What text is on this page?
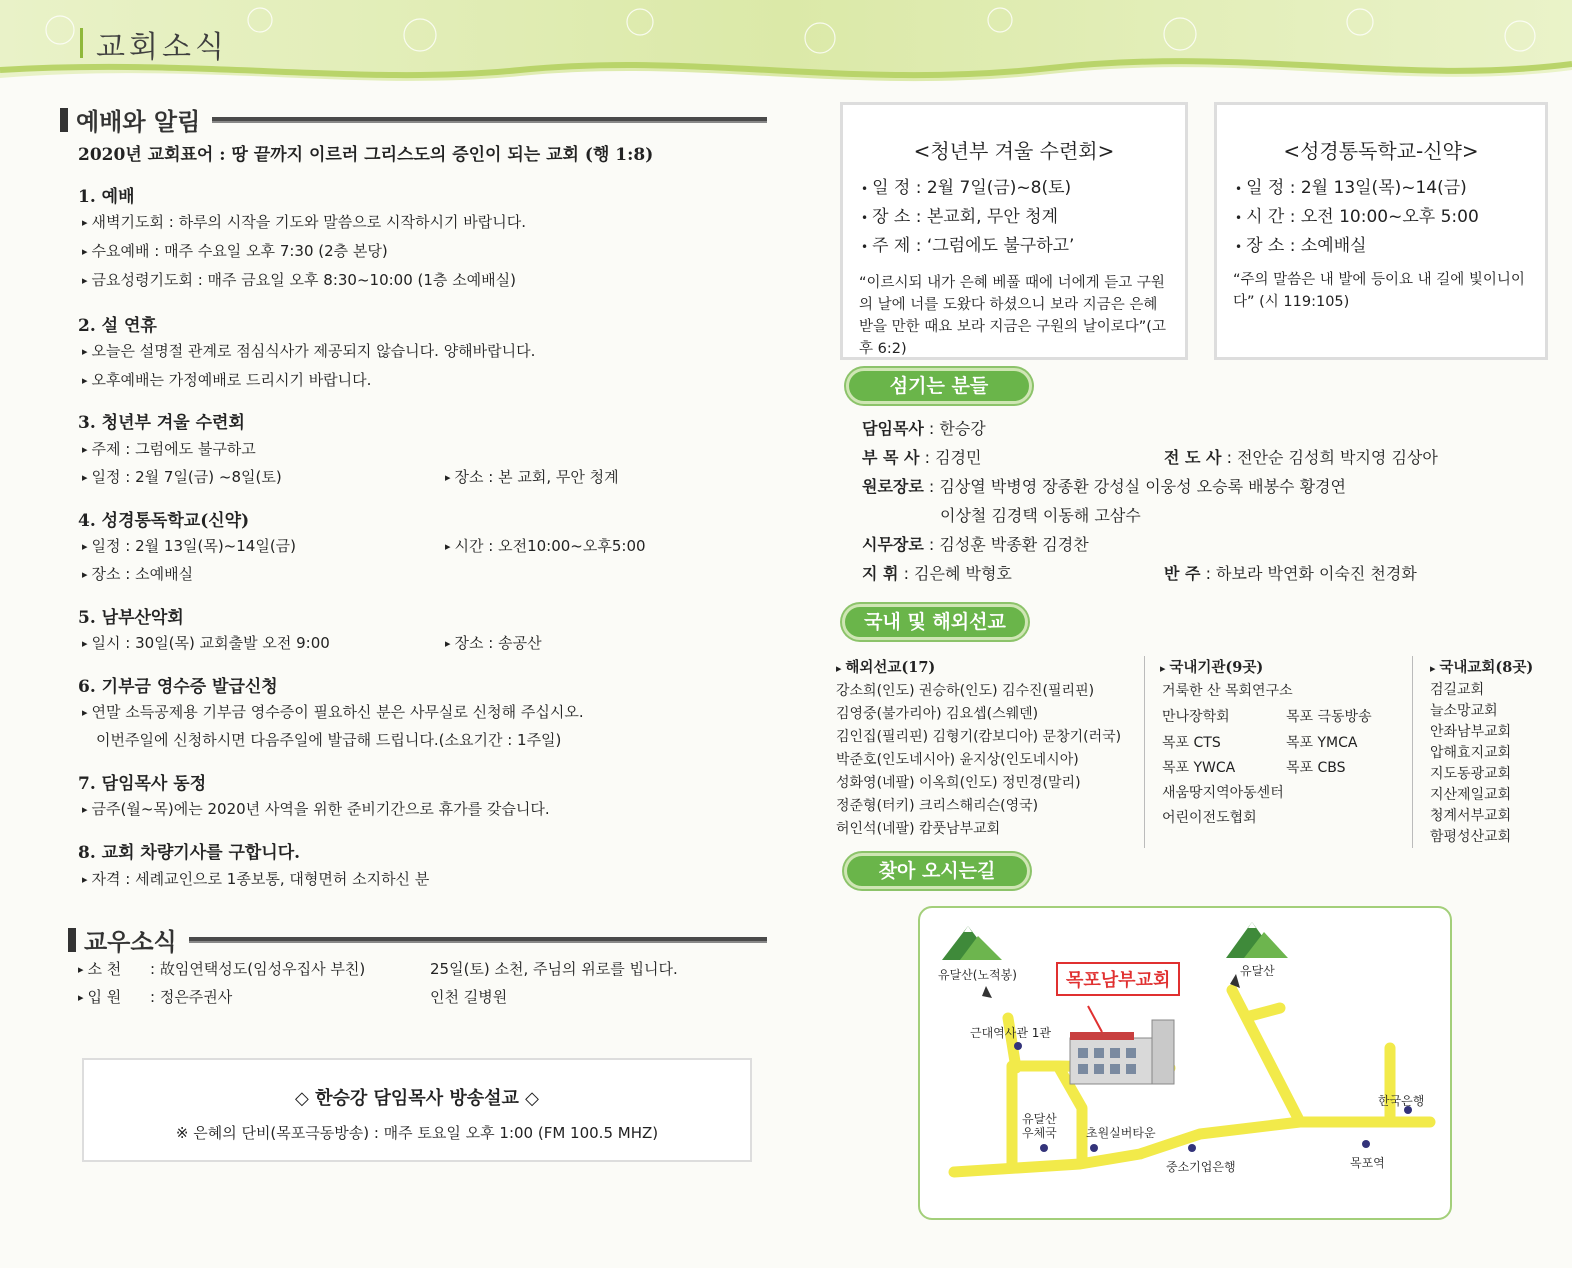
교회소식
예배와 알림
2020년 교회표어 : 땅 끝까지 이르러 그리스도의 증인이 되는 교회 (행 1:8)
1. 예배
▸ 새벽기도회 : 하루의 시작을 기도와 말씀으로 시작하시기 바랍니다.
▸ 수요예배 : 매주 수요일 오후 7:30 (2층 본당)
▸ 금요성령기도회 : 매주 금요일 오후 8:30~10:00 (1층 소예배실)
2. 설 연휴
▸ 오늘은 설명절 관계로 점심식사가 제공되지 않습니다. 양해바랍니다.
▸ 오후예배는 가정예배로 드리시기 바랍니다.
3. 청년부 겨울 수련회
▸ 주제 : 그럼에도 불구하고
▸ 일정 : 2월 7일(금) ~8일(토)	▸ 장소 : 본 교회, 무안 청계
4. 성경통독학교(신약)
▸ 일정 : 2월 13일(목)~14일(금)	▸ 시간 : 오전10:00~오후5:00
▸ 장소 : 소예배실
5. 남부산악회
▸ 일시 : 30일(목) 교회출발 오전 9:00	▸ 장소 : 송공산
6. 기부금 영수증 발급신청
▸ 연말 소득공제용 기부금 영수증이 필요하신 분은 사무실로 신청해 주십시오.
이번주일에 신청하시면 다음주일에 발급해 드립니다.(소요기간 : 1주일)
7. 담임목사 동정
▸ 금주(월~목)에는 2020년 사역을 위한 준비기간으로 휴가를 갖습니다.
8. 교회 차량기사를 구합니다.
▸ 자격 : 세례교인으로 1종보통, 대형면허 소지하신 분
교우소식
▸ 소 천 : 故임연택성도(임성우집사 부친)	25일(토) 소천, 주님의 위로를 빕니다.
▸ 입 원 : 정은주권사	인천 길병원
◇ 한승강 담임목사 방송설교 ◇
※ 은혜의 단비(목포극동방송) : 매주 토요일 오후 1:00 (FM 100.5 MHZ)
<청년부 겨울 수련회>
• 일 정 : 2월 7일(금)~8(토)
• 장 소 : 본교회, 무안 청계
• 주 제 : ‘그럼에도 불구하고’
“이르시되 내가 은혜 베풀 때에 너에게 듣고 구원의 날에 너를 도왔다 하셨으니 보라 지금은 은혜 받을 만한 때요 보라 지금은 구원의 날이로다”(고후 6:2)
<성경통독학교-신약>
• 일 정 : 2월 13일(목)~14(금)
• 시 간 : 오전 10:00~오후 5:00
• 장 소 : 소예배실
“주의 말씀은 내 발에 등이요 내 길에 빛이니이다” (시 119:105)
섬기는 분들
담임목사 : 한승강
부 목 사 : 김경민	전 도 사 : 전안순 김성희 박지영 김상아
원로장로 : 김상열 박병영 장종환 강성실 이웅성 오승록 배봉수 황경연
이상철 김경택 이동해 고삼수
시무장로 : 김성훈 박종환 김경찬
지 휘 : 김은혜 박형호	반 주 : 하보라 박연화 이숙진 천경화
국내 및 해외선교
▸ 해외선교(17)
강소희(인도) 권승하(인도) 김수진(필리핀)
김영중(불가리아) 김요셉(스웨덴)
김인집(필리핀) 김형기(캄보디아) 문창기(러국)
박준호(인도네시아) 윤지상(인도네시아)
성화영(네팔) 이옥희(인도) 정민경(말리)
정준형(터키) 크리스해리슨(영국)
허인석(네팔) 캄풋남부교회
▸ 국내기관(9곳)
거룩한 산 목회연구소
만나장학회	목포 극동방송
목포 CTS	목포 YMCA
목포 YWCA	목포 CBS
새움땅지역아동센터
어린이전도협회
▸ 국내교회(8곳)
검길교회
늘소망교회
안좌남부교회
압해효지교회
지도동광교회
지산제일교회
청계서부교회
함평성산교회
찾아 오시는길
목포남부교회
유달산(노적봉)	유달산
근대역사관 1관
유달산
우체국 초원실버타운
중소기업은행
한국은행
목포역
